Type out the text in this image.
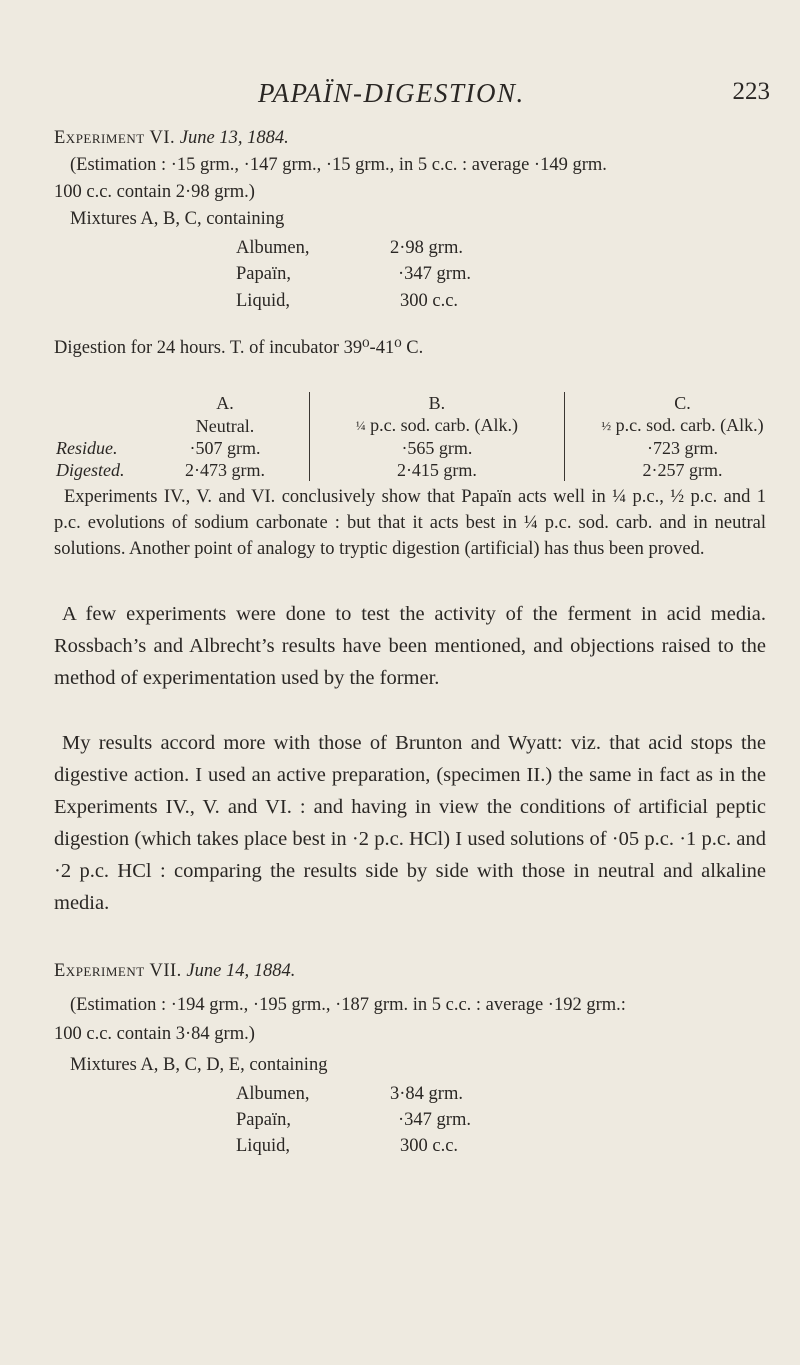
PAPAÏN-DIGESTION.	223
Experiment VI. June 13, 1884.
(Estimation : ·15 grm., ·147 grm., ·15 grm., in 5 c.c. : average ·149 grm.
100 c.c. contain 2·98 grm.)
Mixtures A, B, C, containing
Albumen,	2·98 grm.
Papaïn,	·347 grm.
Liquid,	300 c.c.
Digestion for 24 hours. T. of incubator 39⁰-41⁰ C.
	A.	B.	C.
	Neutral.	¼ p.c. sod. carb. (Alk.)	½ p.c. sod. carb. (Alk.)
Residue.	·507 grm.	·565 grm.	·723 grm.
Digested.	2·473 grm.	2·415 grm.	2·257 grm.
Experiments IV., V. and VI. conclusively show that Papaïn acts well in ¼ p.c., ½ p.c. and 1 p.c. evolutions of sodium carbonate : but that it acts best in ¼ p.c. sod. carb. and in neutral solutions. Another point of analogy to tryptic digestion (artificial) has thus been proved.
A few experiments were done to test the activity of the ferment in acid media. Rossbach’s and Albrecht’s results have been mentioned, and objections raised to the method of experimentation used by the former.
My results accord more with those of Brunton and Wyatt: viz. that acid stops the digestive action. I used an active preparation, (specimen II.) the same in fact as in the Experiments IV., V. and VI. : and having in view the conditions of artificial peptic digestion (which takes place best in ·2 p.c. HCl) I used solutions of ·05 p.c. ·1 p.c. and ·2 p.c. HCl : comparing the results side by side with those in neutral and alkaline media.
Experiment VII. June 14, 1884.
(Estimation : ·194 grm., ·195 grm., ·187 grm. in 5 c.c. : average ·192 grm.:
100 c.c. contain 3·84 grm.)
Mixtures A, B, C, D, E, containing
Albumen,	3·84 grm.
Papaïn,	·347 grm.
Liquid,	300 c.c.
